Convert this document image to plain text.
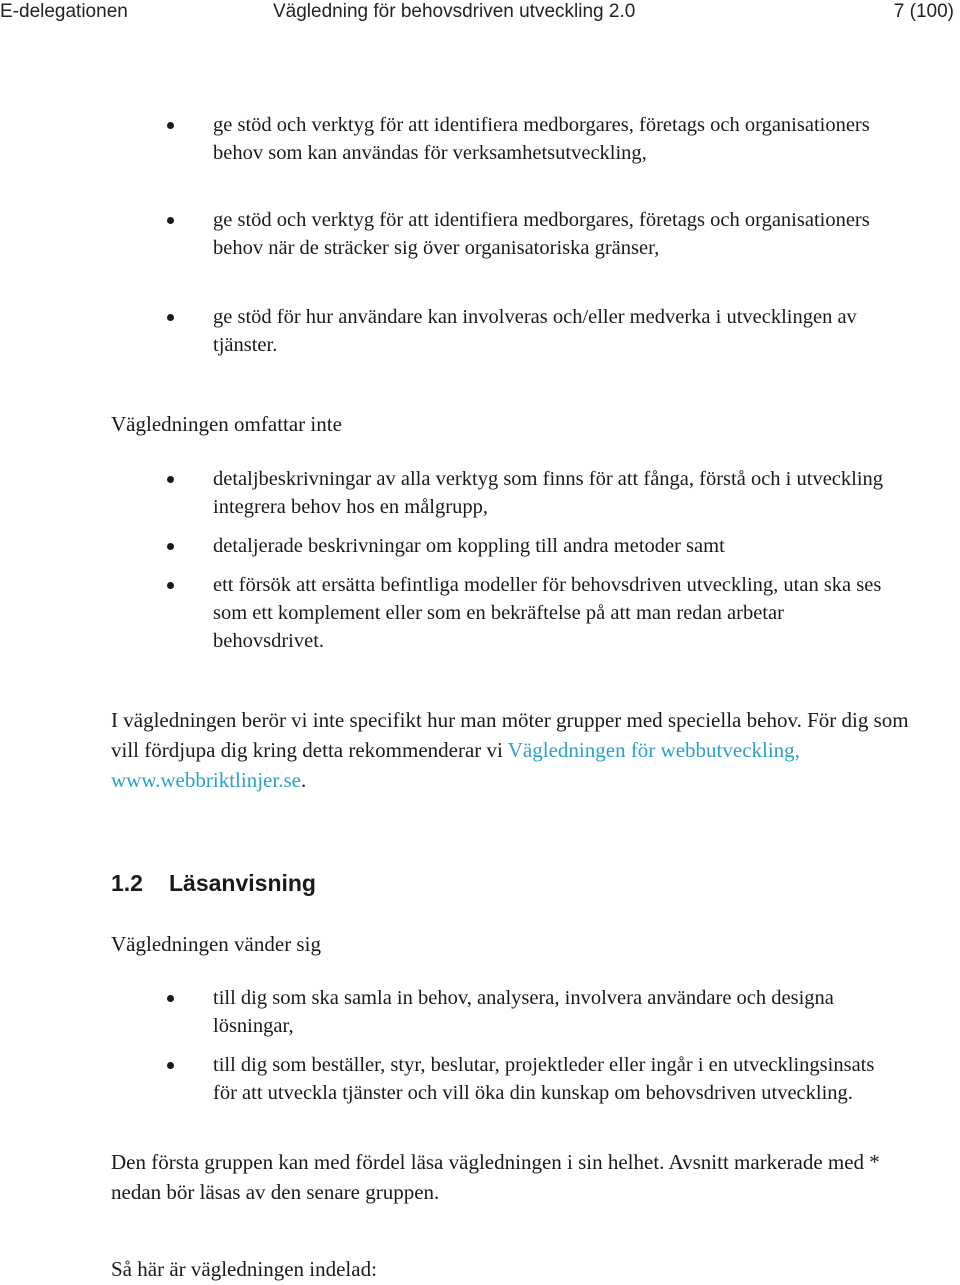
E-delegationen	Vägledning för behovsdriven utveckling 2.0	7 (100)
ge stöd och verktyg för att identifiera medborgares, företags och organisationers behov som kan användas för verksamhetsutveckling,
ge stöd och verktyg för att identifiera medborgares, företags och organisationers behov när de sträcker sig över organisatoriska gränser,
ge stöd för hur användare kan involveras och/eller medverka i utvecklingen av tjänster.

Vägledningen omfattar inte

detaljbeskrivningar av alla verktyg som finns för att fånga, förstå och i utveckling integrera behov hos en målgrupp,
detaljerade beskrivningar om koppling till andra metoder samt
ett försök att ersätta befintliga modeller för behovsdriven utveckling, utan ska ses som ett komplement eller som en bekräftelse på att man redan arbetar behovsdrivet.

I vägledningen berör vi inte specifikt hur man möter grupper med speciella behov. För dig som vill fördjupa dig kring detta rekommenderar vi Vägledningen för webbutveckling, www.webbriktlinjer.se.

1.2 Läsanvisning

Vägledningen vänder sig

till dig som ska samla in behov, analysera, involvera användare och designa lösningar,
till dig som beställer, styr, beslutar, projektleder eller ingår i en utvecklingsinsats för att utveckla tjänster och vill öka din kunskap om behovsdriven utveckling.

Den första gruppen kan med fördel läsa vägledningen i sin helhet. Avsnitt markerade med * nedan bör läsas av den senare gruppen.

Så här är vägledningen indelad:
